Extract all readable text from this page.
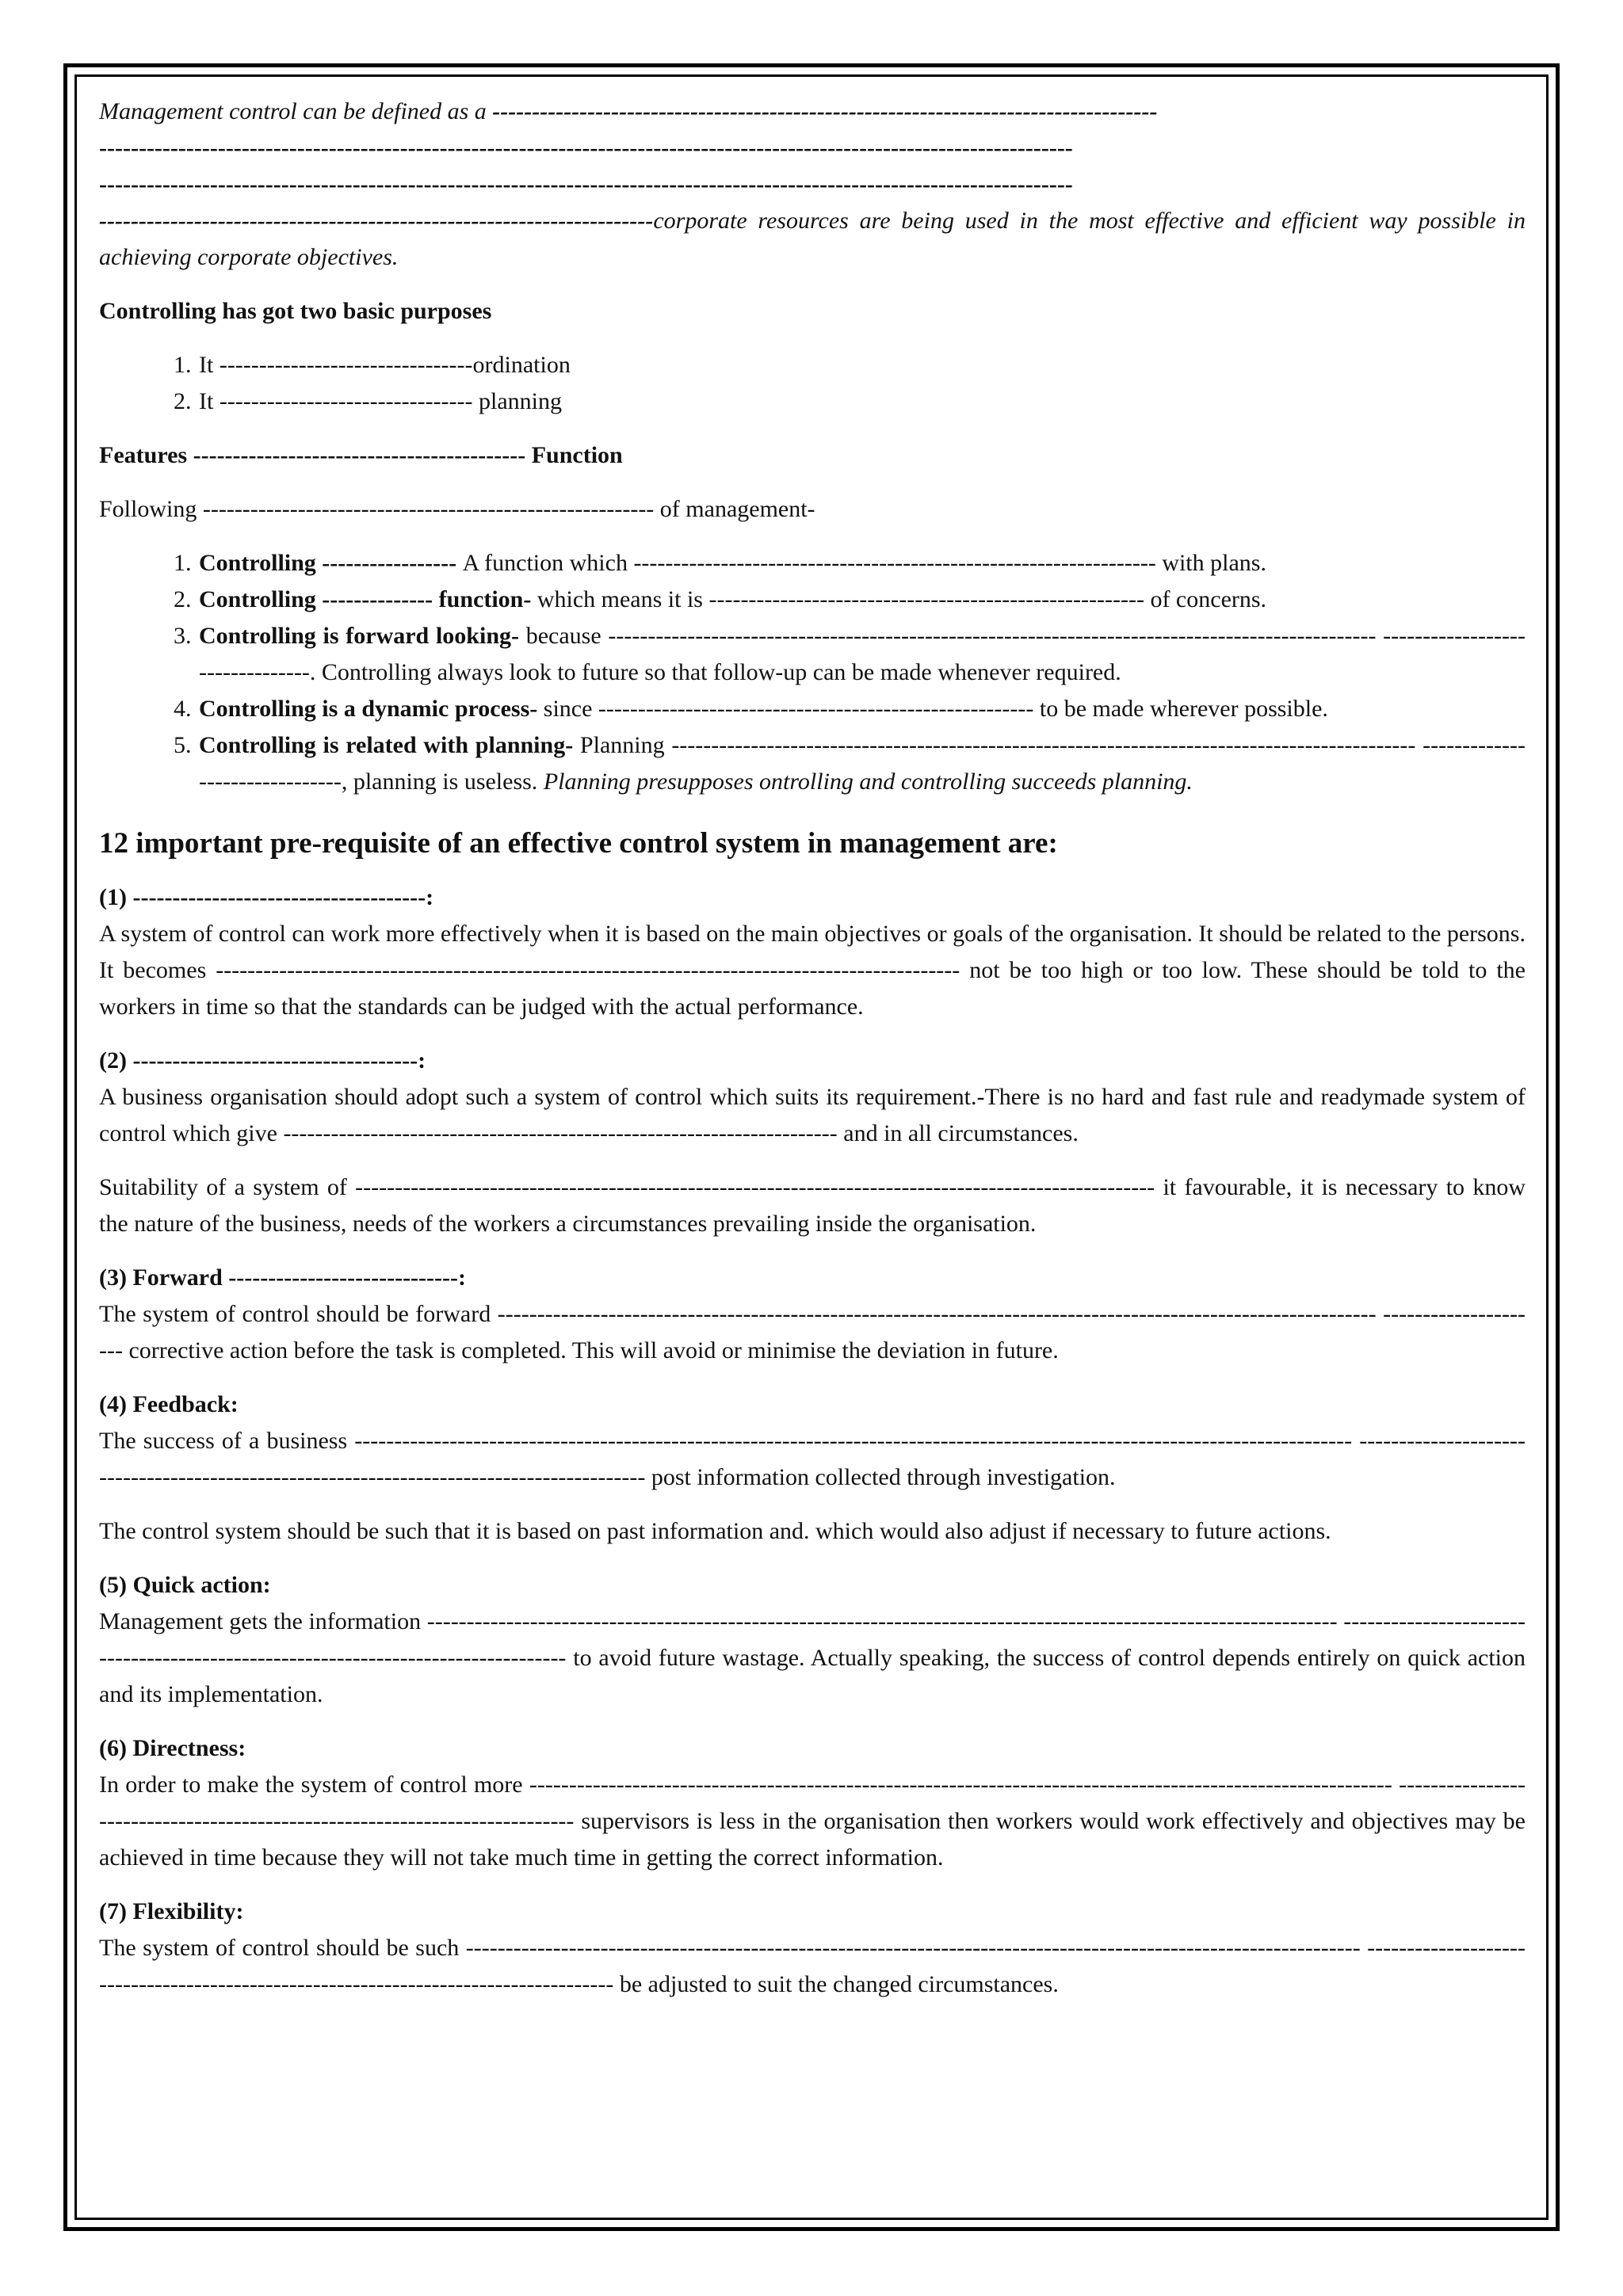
Management control can be defined as a ------------------------------------------------------------------------------------

---------------------------------------------------------------------------------------------------------------------------

---------------------------------------------------------------------------------------------------------------------------

----------------------------------------------------------------------corporate resources are being used in the most effective and efficient way possible in achieving corporate objectives.

Controlling has got two basic purposes

1. It --------------------------------ordination
2. It -------------------------------- planning

Features ------------------------------------------ Function

Following --------------------------------------------------------- of management-

1. Controlling ----------------- A function which ------------------------------------------------------------------ with plans.
2. Controlling -------------- function- which means it is ------------------------------------------------------- of concerns.
3. Controlling is forward looking- because ------------------------------------------------------------------------------------------------- --------------------------------. Controlling always look to future so that follow-up can be made whenever required.
4. Controlling is a dynamic process- since ------------------------------------------------------- to be made wherever possible.
5. Controlling is related with planning- Planning ---------------------------------------------------------------------------------------------- -------------------------------, planning is useless. Planning presupposes ontrolling and controlling succeeds planning.

12 important pre-requisite of an effective control system in management are:

(1) -------------------------------------:

A system of control can work more effectively when it is based on the main objectives or goals of the organisation. It should be related to the persons. It becomes ---------------------------------------------------------------------------------------------- not be too high or too low. These should be told to the workers in time so that the standards can be judged with the actual performance.

(2) ------------------------------------:

A business organisation should adopt such a system of control which suits its requirement.-There is no hard and fast rule and readymade system of control which give ---------------------------------------------------------------------- and in all circumstances.

Suitability of a system of ----------------------------------------------------------------------------------------------------- it favourable, it is necessary to know the nature of the business, needs of the workers a circumstances prevailing inside the organisation.

(3) Forward -----------------------------:

The system of control should be forward --------------------------------------------------------------------------------------------------------------- --------------------- corrective action before the task is completed. This will avoid or minimise the deviation in future.

(4) Feedback:

The success of a business ------------------------------------------------------------------------------------------------------------------------------ ------------------------------------------------------------------------------------------ post information collected through investigation.

The control system should be such that it is based on past information and. which would also adjust if necessary to future actions.

(5) Quick action:

Management gets the information ------------------------------------------------------------------------------------------------------------------- ---------------------------------------------------------------------------------- to avoid future wastage. Actually speaking, the success of control depends entirely on quick action and its implementation.

(6) Directness:

In order to make the system of control more ------------------------------------------------------------------------------------------------------------- ---------------------------------------------------------------------------- supervisors is less in the organisation then workers would work effectively and objectives may be achieved in time because they will not take much time in getting the correct information.

(7) Flexibility:

The system of control should be such ----------------------------------------------------------------------------------------------------------------- ------------------------------------------------------------------------------------- be adjusted to suit the changed circumstances.
